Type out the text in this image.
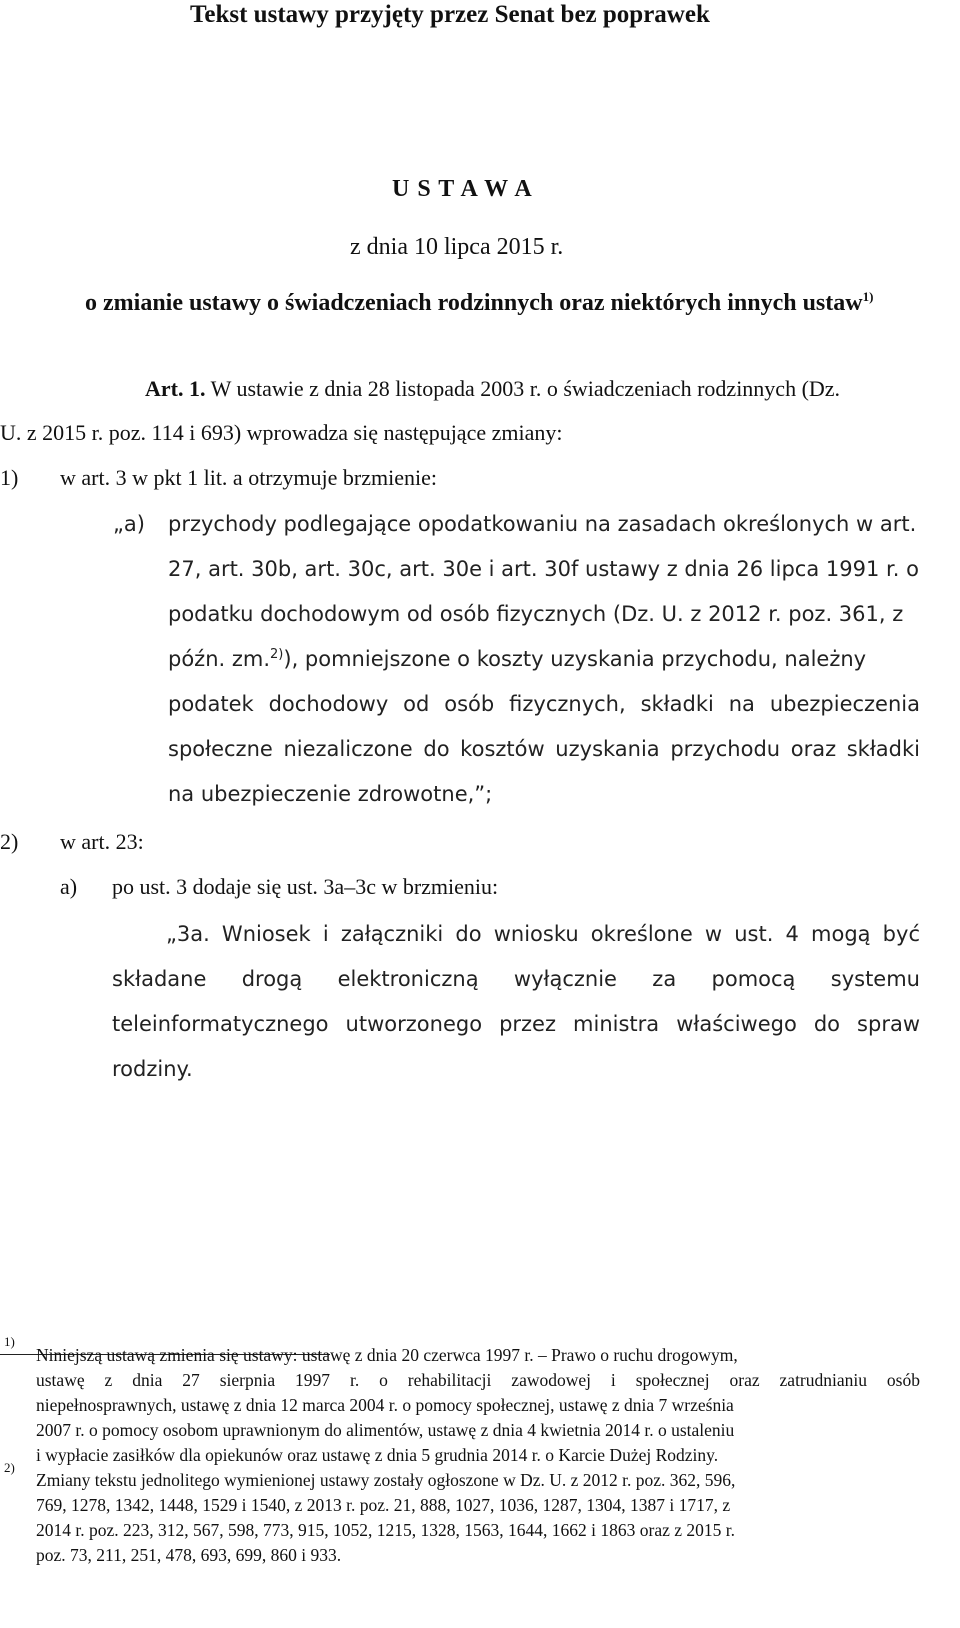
Tekst ustawy przyjęty przez Senat bez poprawek
U S T A W A
z dnia 10 lipca 2015 r.
o zmianie ustawy o świadczeniach rodzinnych oraz niektórych innych ustaw$^{1)}$
Art. 1. W ustawie z dnia 28 listopada 2003 r. o świadczeniach rodzinnych (Dz.
U. z 2015 r. poz. 114 i 693) wprowadza się następujące zmiany:
1) w art. 3 w pkt 1 lit. a otrzymuje brzmienie:
„a) przychody podlegające opodatkowaniu na zasadach określonych w art.
27, art. 30b, art. 30c, art. 30e i art. 30f ustawy z dnia 26 lipca 1991 r. o
podatku dochodowym od osób fizycznych (Dz. U. z 2012 r. poz. 361, z
późn. zm.$^{2)}$), pomniejszone o koszty uzyskania przychodu, należny
podatek dochodowy od osób fizycznych, składki na ubezpieczenia
społeczne niezaliczone do kosztów uzyskania przychodu oraz składki
na ubezpieczenie zdrowotne,”;
2) w art. 23:
a) po ust. 3 dodaje się ust. 3a–3c w brzmieniu:
„3a. Wniosek i załączniki do wniosku określone w ust. 4 mogą być
składane drogą elektroniczną wyłącznie za pomocą systemu
teleinformatycznego utworzonego przez ministra właściwego do spraw
rodziny.
1)
Niniejszą ustawą zmienia się ustawy: ustawę z dnia 20 czerwca 1997 r. – Prawo o ruchu drogowym,
ustawę z dnia 27 sierpnia 1997 r. o rehabilitacji zawodowej i społecznej oraz zatrudnianiu osób
niepełnosprawnych, ustawę z dnia 12 marca 2004 r. o pomocy społecznej, ustawę z dnia 7 września
2007 r. o pomocy osobom uprawnionym do alimentów, ustawę z dnia 4 kwietnia 2014 r. o ustaleniu
i wypłacie zasiłków dla opiekunów oraz ustawę z dnia 5 grudnia 2014 r. o Karcie Dużej Rodziny.
2)
Zmiany tekstu jednolitego wymienionej ustawy zostały ogłoszone w Dz. U. z 2012 r. poz. 362, 596,
769, 1278, 1342, 1448, 1529 i 1540, z 2013 r. poz. 21, 888, 1027, 1036, 1287, 1304, 1387 i 1717, z
2014 r. poz. 223, 312, 567, 598, 773, 915, 1052, 1215, 1328, 1563, 1644, 1662 i 1863 oraz z 2015 r.
poz. 73, 211, 251, 478, 693, 699, 860 i 933.
